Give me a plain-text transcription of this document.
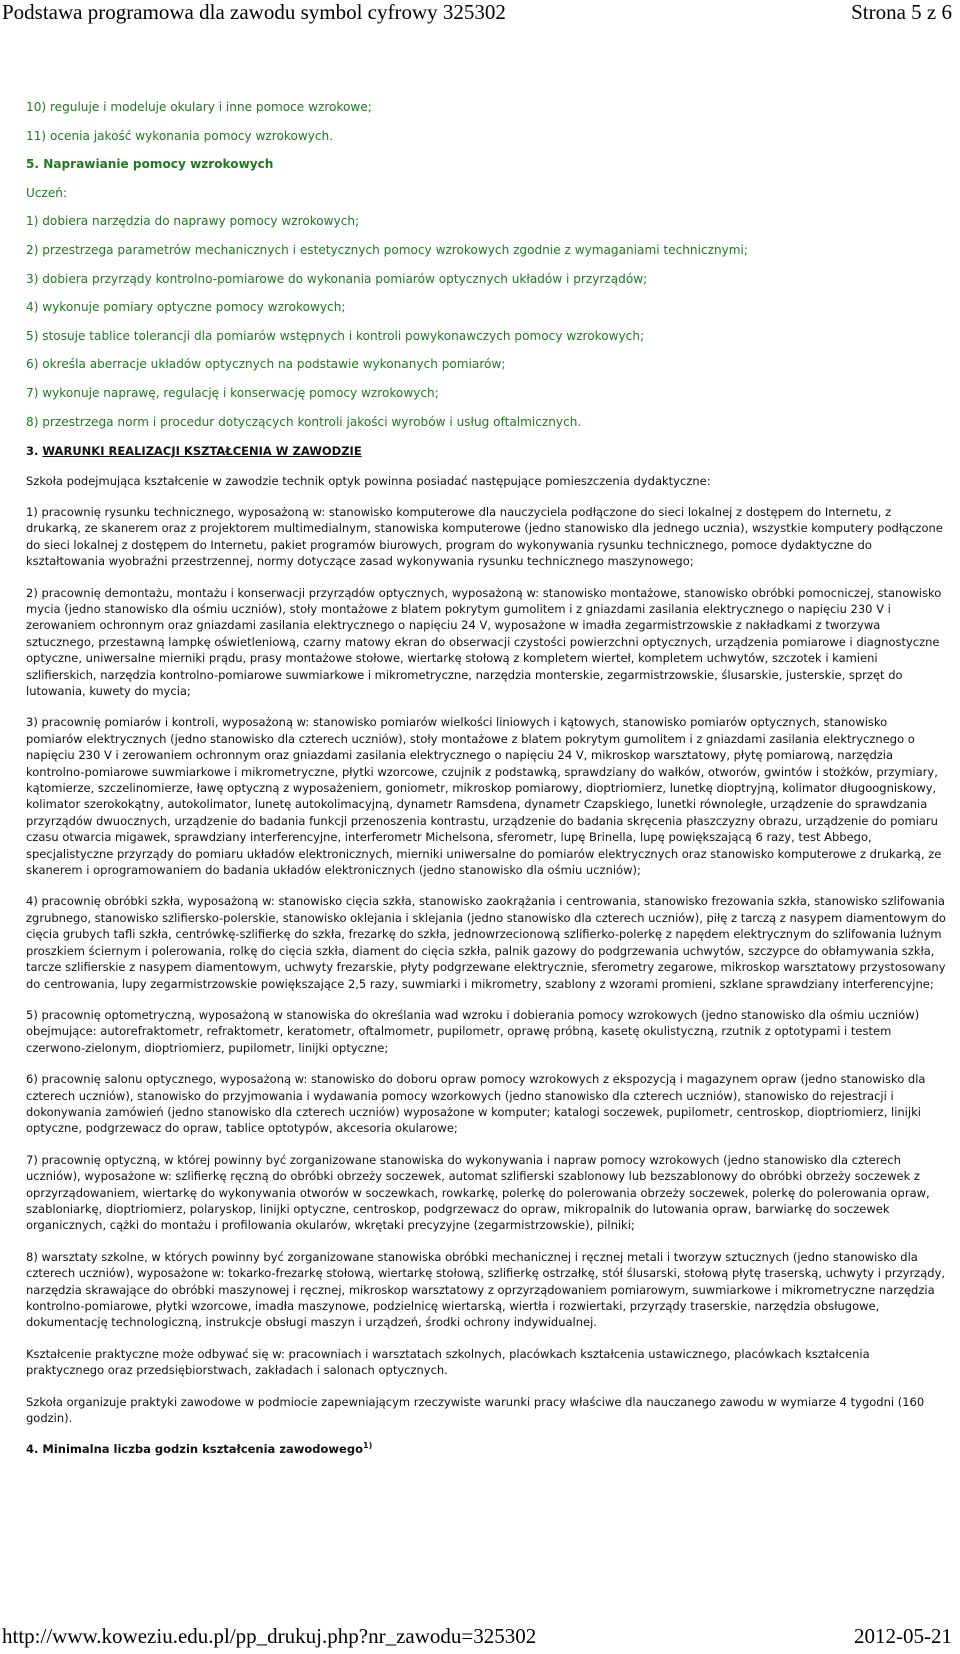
Podstawa programowa dla zawodu symbol cyfrowy 325302	Strona 5 z 6

10) reguluje i modeluje okulary i inne pomoce wzrokowe;

11) ocenia jakość wykonania pomocy wzrokowych.

5. Naprawianie pomocy wzrokowych

Uczeń:

1) dobiera narzędzia do naprawy pomocy wzrokowych;

2) przestrzega parametrów mechanicznych i estetycznych pomocy wzrokowych zgodnie z wymaganiami technicznymi;

3) dobiera przyrządy kontrolno-pomiarowe do wykonania pomiarów optycznych układów i przyrządów;

4) wykonuje pomiary optyczne pomocy wzrokowych;

5) stosuje tablice tolerancji dla pomiarów wstępnych i kontroli powykonawczych pomocy wzrokowych;

6) określa aberracje układów optycznych na podstawie wykonanych pomiarów;

7) wykonuje naprawę, regulację i konserwację pomocy wzrokowych;

8) przestrzega norm i procedur dotyczących kontroli jakości wyrobów i usług oftalmicznych.

3. WARUNKI REALIZACJI KSZTAŁCENIA W ZAWODZIE

Szkoła podejmująca kształcenie w zawodzie technik optyk powinna posiadać następujące pomieszczenia dydaktyczne:

1) pracownię rysunku technicznego, wyposażoną w: stanowisko komputerowe dla nauczyciela podłączone do sieci lokalnej z dostępem do Internetu, z drukarką, ze skanerem oraz z projektorem multimedialnym, stanowiska komputerowe (jedno stanowisko dla jednego ucznia), wszystkie komputery podłączone do sieci lokalnej z dostępem do Internetu, pakiet programów biurowych, program do wykonywania rysunku technicznego, pomoce dydaktyczne do kształtowania wyobraźni przestrzennej, normy dotyczące zasad wykonywania rysunku technicznego maszynowego;

2) pracownię demontażu, montażu i konserwacji przyrządów optycznych, wyposażoną w: stanowisko montażowe, stanowisko obróbki pomocniczej, stanowisko mycia (jedno stanowisko dla ośmiu uczniów), stoły montażowe z blatem pokrytym gumolitem i z gniazdami zasilania elektrycznego o napięciu 230 V i zerowaniem ochronnym oraz gniazdami zasilania elektrycznego o napięciu 24 V, wyposażone w imadła zegarmistrzowskie z nakładkami z tworzywa sztucznego, przestawną lampkę oświetleniową, czarny matowy ekran do obserwacji czystości powierzchni optycznych, urządzenia pomiarowe i diagnostyczne optyczne, uniwersalne mierniki prądu, prasy montażowe stołowe, wiertarkę stołową z kompletem wierteł, kompletem uchwytów, szczotek i kamieni szlifierskich, narzędzia kontrolno-pomiarowe suwmiarkowe i mikrometryczne, narzędzia monterskie, zegarmistrzowskie, ślusarskie, justerskie, sprzęt do lutowania, kuwety do mycia;

3) pracownię pomiarów i kontroli, wyposażoną w: stanowisko pomiarów wielkości liniowych i kątowych, stanowisko pomiarów optycznych, stanowisko pomiarów elektrycznych (jedno stanowisko dla czterech uczniów), stoły montażowe z blatem pokrytym gumolitem i z gniazdami zasilania elektrycznego o napięciu 230 V i zerowaniem ochronnym oraz gniazdami zasilania elektrycznego o napięciu 24 V, mikroskop warsztatowy, płytę pomiarową, narzędzia kontrolno-pomiarowe suwmiarkowe i mikrometryczne, płytki wzorcowe, czujnik z podstawką, sprawdziany do wałków, otworów, gwintów i stożków, przymiary, kątomierze, szczelinomierze, ławę optyczną z wyposażeniem, goniometr, mikroskop pomiarowy, dioptriomierz, lunetkę dioptryjną, kolimator długoogniskowy, kolimator szerokokątny, autokolimator, lunetę autokolimacyjną, dynametr Ramsdena, dynametr Czapskiego, lunetki równoległe, urządzenie do sprawdzania przyrządów dwuocznych, urządzenie do badania funkcji przenoszenia kontrastu, urządzenie do badania skręcenia płaszczyzny obrazu, urządzenie do pomiaru czasu otwarcia migawek, sprawdziany interferencyjne, interferometr Michelsona, sferometr, lupę Brinella, lupę powiększającą 6 razy, test Abbego, specjalistyczne przyrządy do pomiaru układów elektronicznych, mierniki uniwersalne do pomiarów elektrycznych oraz stanowisko komputerowe z drukarką, ze skanerem i oprogramowaniem do badania układów elektronicznych (jedno stanowisko dla ośmiu uczniów);

4) pracownię obróbki szkła, wyposażoną w: stanowisko cięcia szkła, stanowisko zaokrążania i centrowania, stanowisko frezowania szkła, stanowisko szlifowania zgrubnego, stanowisko szlifiersko-polerskie, stanowisko oklejania i sklejania (jedno stanowisko dla czterech uczniów), piłę z tarczą z nasypem diamentowym do cięcia grubych tafli szkła, centrówkę-szlifierkę do szkła, frezarkę do szkła, jednowrzecionową szlifierko-polerkę z napędem elektrycznym do szlifowania luźnym proszkiem ściernym i polerowania, rolkę do cięcia szkła, diament do cięcia szkła, palnik gazowy do podgrzewania uchwytów, szczypce do obłamywania szkła, tarcze szlifierskie z nasypem diamentowym, uchwyty frezarskie, płyty podgrzewane elektrycznie, sferometry zegarowe, mikroskop warsztatowy przystosowany do centrowania, lupy zegarmistrzowskie powiększające 2,5 razy, suwmiarki i mikrometry, szablony z wzorami promieni, szklane sprawdziany interferencyjne;

5) pracownię optometryczną, wyposażoną w stanowiska do określania wad wzroku i dobierania pomocy wzrokowych (jedno stanowisko dla ośmiu uczniów) obejmujące: autorefraktometr, refraktometr, keratometr, oftalmometr, pupilometr, oprawę próbną, kasetę okulistyczną, rzutnik z optotypami i testem czerwono-zielonym, dioptriomierz, pupilometr, linijki optyczne;

6) pracownię salonu optycznego, wyposażoną w: stanowisko do doboru opraw pomocy wzrokowych z ekspozycją i magazynem opraw (jedno stanowisko dla czterech uczniów), stanowisko do przyjmowania i wydawania pomocy wzorkowych (jedno stanowisko dla czterech uczniów), stanowisko do rejestracji i dokonywania zamówień (jedno stanowisko dla czterech uczniów) wyposażone w komputer; katalogi soczewek, pupilometr, centroskop, dioptriomierz, linijki optyczne, podgrzewacz do opraw, tablice optotypów, akcesoria okularowe;

7) pracownię optyczną, w której powinny być zorganizowane stanowiska do wykonywania i napraw pomocy wzrokowych (jedno stanowisko dla czterech uczniów), wyposażone w: szlifierkę ręczną do obróbki obrzeży soczewek, automat szlifierski szablonowy lub bezszablonowy do obróbki obrzeży soczewek z oprzyrządowaniem, wiertarkę do wykonywania otworów w soczewkach, rowkarkę, polerkę do polerowania obrzeży soczewek, polerkę do polerowania opraw, szabloniarkę, dioptriomierz, polaryskop, linijki optyczne, centroskop, podgrzewacz do opraw, mikropalnik do lutowania opraw, barwiarkę do soczewek organicznych, cążki do montażu i profilowania okularów, wkrętaki precyzyjne (zegarmistrzowskie), pilniki;

8) warsztaty szkolne, w których powinny być zorganizowane stanowiska obróbki mechanicznej i ręcznej metali i tworzyw sztucznych (jedno stanowisko dla czterech uczniów), wyposażone w: tokarko-frezarkę stołową, wiertarkę stołową, szlifierkę ostrzałkę, stół ślusarski, stołową płytę traserską, uchwyty i przyrządy, narzędzia skrawające do obróbki maszynowej i ręcznej, mikroskop warsztatowy z oprzyrządowaniem pomiarowym, suwmiarkowe i mikrometryczne narzędzia kontrolno-pomiarowe, płytki wzorcowe, imadła maszynowe, podzielnicę wiertarską, wiertła i rozwiertaki, przyrządy traserskie, narzędzia obsługowe, dokumentację technologiczną, instrukcje obsługi maszyn i urządzeń, środki ochrony indywidualnej.

Kształcenie praktyczne może odbywać się w: pracowniach i warsztatach szkolnych, placówkach kształcenia ustawicznego, placówkach kształcenia praktycznego oraz przedsiębiorstwach, zakładach i salonach optycznych.

Szkoła organizuje praktyki zawodowe w podmiocie zapewniającym rzeczywiste warunki pracy właściwe dla nauczanego zawodu w wymiarze 4 tygodni (160 godzin).

4. Minimalna liczba godzin kształcenia zawodowego$^{1)}$

http://www.koweziu.edu.pl/pp_drukuj.php?nr_zawodu=325302	2012-05-21
